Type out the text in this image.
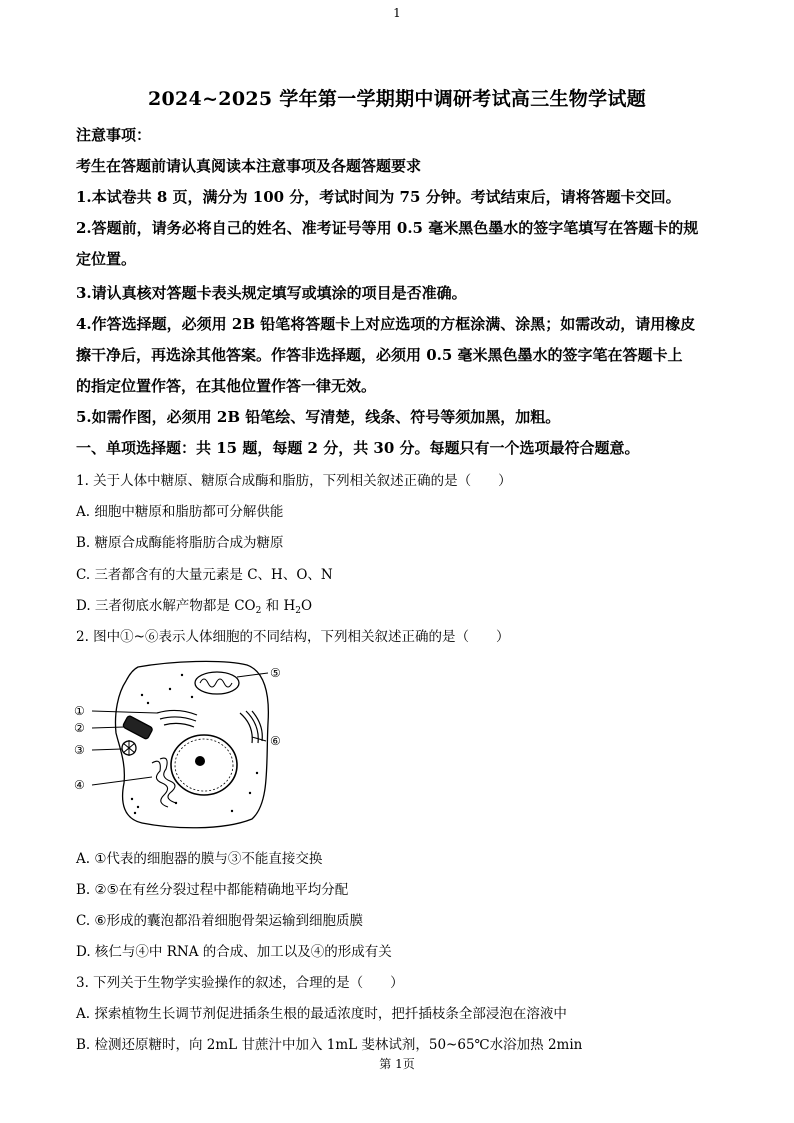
1
2024~2025 学年第一学期期中调研考试高三生物学试题
注意事项：
考生在答题前请认真阅读本注意事项及各题答题要求
1.本试卷共 8 页，满分为 100 分，考试时间为 75 分钟。考试结束后，请将答题卡交回。
2.答题前，请务必将自己的姓名、准考证号等用 0.5 毫米黑色墨水的签字笔填写在答题卡的规
定位置。
3.请认真核对答题卡表头规定填写或填涂的项目是否准确。
4.作答选择题，必须用 2B 铅笔将答题卡上对应选项的方框涂满、涂黑；如需改动，请用橡皮
擦干净后，再选涂其他答案。作答非选择题，必须用 0.5 毫米黑色墨水的签字笔在答题卡上
的指定位置作答，在其他位置作答一律无效。
5.如需作图，必须用 2B 铅笔绘、写清楚，线条、符号等须加黑，加粗。
一、单项选择题：共 15 题，每题 2 分，共 30 分。每题只有一个选项最符合题意。
1. 关于人体中糖原、糖原合成酶和脂肪，下列相关叙述正确的是（　　）
A. 细胞中糖原和脂肪都可分解供能
B. 糖原合成酶能将脂肪合成为糖原
C. 三者都含有的大量元素是 C、H、O、N
D. 三者彻底水解产物都是 $CO_2$ 和 $H_2O$
2. 图中①~⑥表示人体细胞的不同结构，下列相关叙述正确的是（　　）
①
②
③
④
⑤
⑥
A. ①代表的细胞器的膜与③不能直接交换
B. ②⑤在有丝分裂过程中都能精确地平均分配
C. ⑥形成的囊泡都沿着细胞骨架运输到细胞质膜
D. 核仁与④中 RNA 的合成、加工以及④的形成有关
3. 下列关于生物学实验操作的叙述，合理的是（　　）
A. 探索植物生长调节剂促进插条生根的最适浓度时，把扦插枝条全部浸泡在溶液中
B. 检测还原糖时，向 2mL 甘蔗汁中加入 1mL 斐林试剂，50~65℃水浴加热 2min
第 1页
